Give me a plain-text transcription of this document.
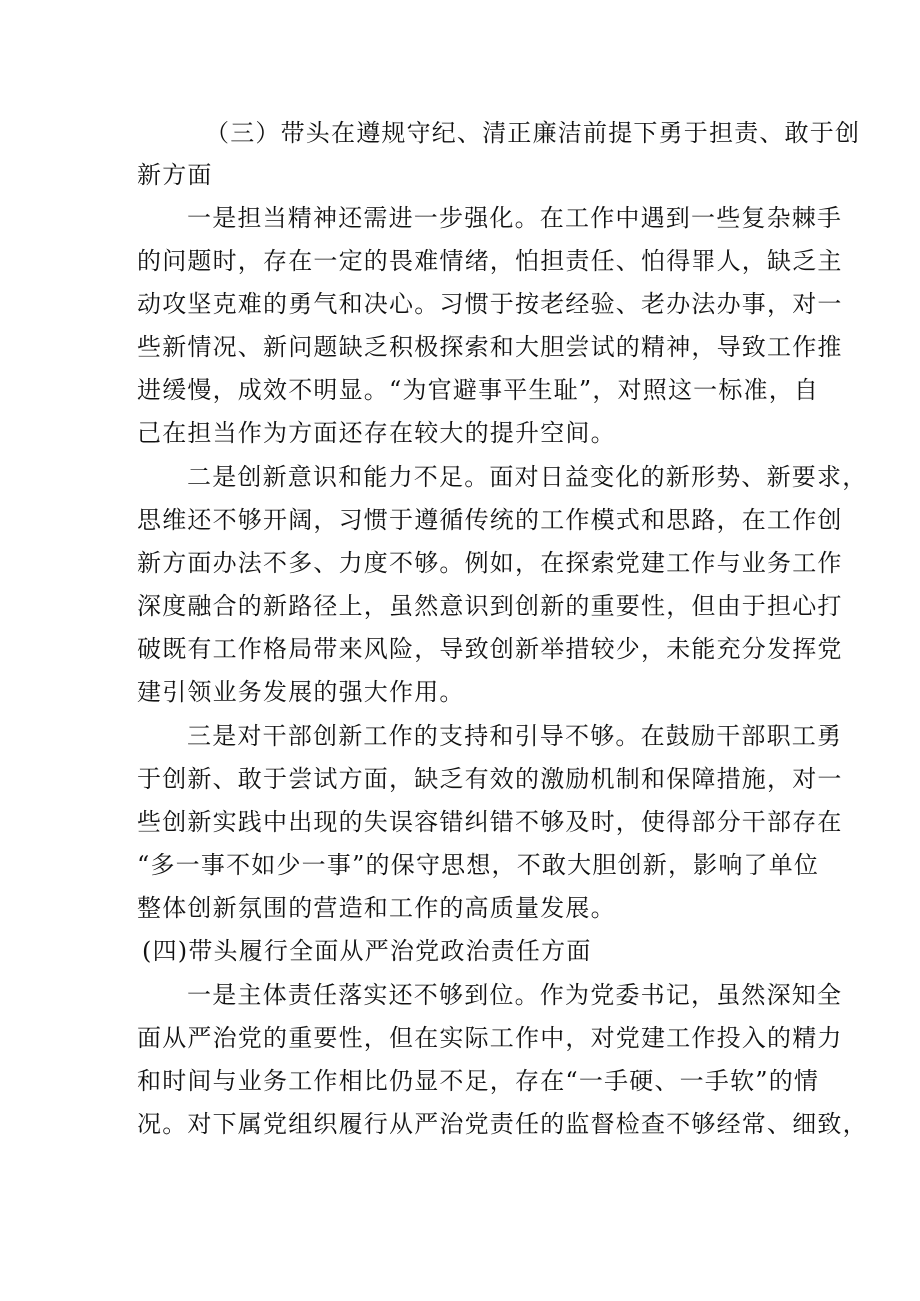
（三）带头在遵规守纪、清正廉洁前提下勇于担责、敢于创
新方面
一是担当精神还需进一步强化。在工作中遇到一些复杂棘手
的问题时，存在一定的畏难情绪，怕担责任、怕得罪人，缺乏主
动攻坚克难的勇气和决心。习惯于按老经验、老办法办事，对一
些新情况、新问题缺乏积极探索和大胆尝试的精神，导致工作推
进缓慢，成效不明显。“为官避事平生耻”，对照这一标准，自
己在担当作为方面还存在较大的提升空间。
二是创新意识和能力不足。面对日益变化的新形势、新要求，
思维还不够开阔，习惯于遵循传统的工作模式和思路，在工作创
新方面办法不多、力度不够。例如，在探索党建工作与业务工作
深度融合的新路径上，虽然意识到创新的重要性，但由于担心打
破既有工作格局带来风险，导致创新举措较少，未能充分发挥党
建引领业务发展的强大作用。
三是对干部创新工作的支持和引导不够。在鼓励干部职工勇
于创新、敢于尝试方面，缺乏有效的激励机制和保障措施，对一
些创新实践中出现的失误容错纠错不够及时，使得部分干部存在
“多一事不如少一事”的保守思想，不敢大胆创新，影响了单位
整体创新氛围的营造和工作的高质量发展。
(四)带头履行全面从严治党政治责任方面
一是主体责任落实还不够到位。作为党委书记，虽然深知全
面从严治党的重要性，但在实际工作中，对党建工作投入的精力
和时间与业务工作相比仍显不足，存在“一手硬、一手软”的情
况。对下属党组织履行从严治党责任的监督检查不够经常、细致，
